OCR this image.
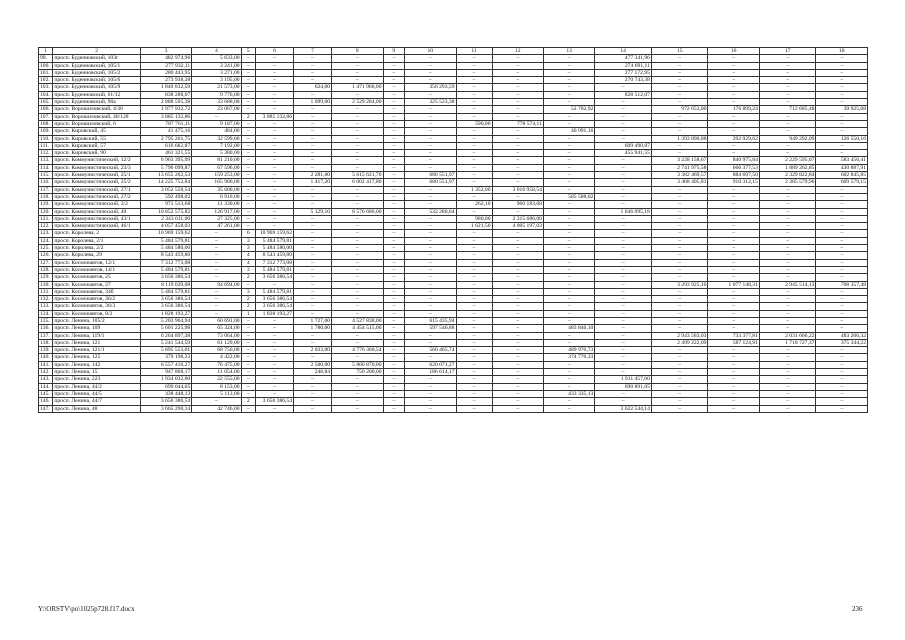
1	2	3	4	5	6	7	8	9	10	11	12	13	14	15	16	17	18
99.	просп. Буденновский, 103г	482 974,96	5 633,00	–	–	–	–	–	–	–	–	–	477 341,96	–	–	–	–
100.	просп. Буденновский, 105/1	277 932,11	3 241,00	–	–	–	–	–	–	–	–	–	274 691,11	–	–	–	–
101.	просп. Буденновский, 105/2	280 443,95	3 271,00	–	–	–	–	–	–	–	–	–	277 172,95	–	–	–	–
102.	просп. Буденновский, 105/6	273 938,38	3 195,00	–	–	–	–	–	–	–	–	–	270 743,38	–	–	–	–
103.	просп. Буденновский, 105/9	1 849 832,59	21 573,00	–	–	624,00	1 471 966,00	–	356 293,59	–	–	–	–	–	–	–	–
104.	просп. Буденновский, 61/12	838 288,07	9 776,00	–	–	–	–	–	–	–	–	–	828 512,07	–	–	–	–
105.	просп. Буденновский, 98а	2 888 595,38	33 688,00	–	–	1 099,00	2 529 284,00	–	325 523,38	–	–	–	–	–	–	–	–
106.	просп. Ворошиловский, 4/36	1 977 932,72	23 067,00	–	–	–	–	–	–	–	–	52 702,92	–	972 653,00	176 899,24	712 685,48	39 925,08
107.	просп. Ворошиловский, 40/128	3 885 132,86	–	2	3 885 132,86	–	–	–	–	–	–	–	–	–	–	–	–
108.	просп. Ворошиловский, 6	787 761,11	9 187,00	–	–	–	–	–	–	590,00	778 574,11	–	–	–	–	–	–
109.	просп. Кировский, 45	41 475,16	484,00	–	–	–	–	–	–	–	–	40 991,16	–	–	–	–	–
110.	просп. Кировский, 55	2 795 261,75	32 599,00	–	–	–	–	–	–	–	–	–	–	1 393 890,88	292 929,62	949 292,09	126 550,16
111.	просп. Кировский, 57	616 682,87	7 192,00	–	–	–	–	–	–	–	–	–	609 490,87	–	–	–	–
112.	просп. Кировский, 90	461 321,55	5 380,00	–	–	–	–	–	–	–	–	–	455 941,55	–	–	–	–
113.	просп. Коммунистический, 12/2	6 963 395,99	81 210,00	–	–	–	–	–	–	–	–	–	–	3 228 158,67	840 975,84	2 229 595,07	583 456,41
114.	просп. Коммунистический, 23/3	5 796 099,87	67 596,00	–	–	–	–	–	–	–	–	–	–	2 741 975,58	666 377,53	1 889 262,85	430 887,91
115.	просп. Коммунистический, 25/1	13 655 262,53	159 253,00	–	–	2 281,00	5 615 621,70	–	680 551,97	–	–	–	–	3 382 469,57	884 697,50	2 329 822,84	602 845,85
116.	просп. Коммунистический, 25/2	14 225 752,84	165 906,00	–	–	1 417,20	6 002 417,80	–	680 551,97	–	–	–	–	3 468 405,81	910 312,15	2 385 579,96	609 579,15
117.	просп. Коммунистический, 27/1	3 052 558,54	35 600,00	–	–	–	–	–	–	1 352,00	3 016 958,54	–	–	–	–	–	–
118.	просп. Коммунистический, 27/2	592 498,02	6 910,00	–	–	–	–	–	–	–	–	585 588,02	–	–	–	–	–
119.	просп. Коммунистический, 3/2	971 513,68	11 330,00	–	–	–	–	–	–	262,10	960 183,68	–	–	–	–	–	–
120.	просп. Коммунистический, 40	10 852 575,82	126 917,00	–	–	5 129,10	8 576 686,00	–	532 280,64	–	–	–	1 646 095,18	–	–	–	–
121.	просп. Коммунистический, 43/1	2 343 011,00	27 325,00	–	–	–	–	–	–	980,00	2 315 686,00	–	–	–	–	–	–
122.	просп. Коммунистический, 46/1	4 057 458,03	47 261,00	–	–	–	–	–	–	1 621,50	4 005 197,03	–	–	–	–	–	–
123.	просп. Королева, 2	10 969 159,62	–	6	10 969 159,62	–	–	–	–	–	–	–	–	–	–	–	–
124.	просп. Королева, 2/1	5 484 579,81	–	3	5 484 579,81	–	–	–	–	–	–	–	–	–	–	–	–
125.	просп. Королева, 2/2	5 484 580,00	–	3	5 484 580,00	–	–	–	–	–	–	–	–	–	–	–	–
126.	просп. Королева, 29	8 543 459,80	–	4	8 543 459,80	–	–	–	–	–	–	–	–	–	–	–	–
127.	просп. Космонавтов, 12/1	7 312 773,08	–	4	7 312 773,08	–	–	–	–	–	–	–	–	–	–	–	–
128.	просп. Космонавтов, 14/1	5 484 579,81	–	3	5 484 579,81	–	–	–	–	–	–	–	–	–	–	–	–
129.	просп. Космонавтов, 25	3 656 386,54	–	2	3 656 386,54	–	–	–	–	–	–	–	–	–	–	–	–
130.	просп. Космонавтов, 27	8 119 639,08	94 694,00	–	–	–	–	–	–	–	–	–	–	3 293 925,16	1 077 148,31	2 945 514,13	708 357,48
131.	просп. Космонавтов, 34б	5 484 579,81	–	3	5 484 579,81	–	–	–	–	–	–	–	–	–	–	–	–
132.	просп. Космонавтов, 36/2	3 656 386,54	–	2	3 656 386,54	–	–	–	–	–	–	–	–	–	–	–	–
133.	просп. Космонавтов, 36/3	3 656 386,54	–	2	3 656 386,54	–	–	–	–	–	–	–	–	–	–	–	–
134.	просп. Космонавтов, 8/2	1 828 193,27	–	1	1 828 193,27	–	–	–	–	–	–	–	–	–	–	–	–
135.	просп. Ленина, 105/2	5 203 964,94	60 691,00	–	–	1 727,00	4 527 838,00	–	615 435,94	–	–	–	–	–	–	–	–
136.	просп. Ленина, 109	5 601 225,98	65 324,00	–	–	1 780,00	4 454 515,00	–	597 540,88	–	–	483 846,10	–	–	–	–	–
137.	просп. Ленина, 119/1	6 264 897,38	73 064,00	–	–	–	–	–	–	–	–	–	–	2 943 583,03	733 377,81	2 031 666,22	483 206,32
138.	просп. Ленина, 121	5 241 544,59	61 129,00	–	–	–	–	–	–	–	–	–	–	2 499 222,09	587 124,91	1 718 727,37	375 344,22
139.	просп. Ленина, 121/1	5 895 553,01	68 756,00	–	–	2 033,00	4 776 360,54	–	560 465,74	–	–	489 970,73	–	–	–	–	–
140.	просп. Ленина, 125	379 198,33	4 422,00	–	–	–	–	–	–	–	–	374 776,33	–	–	–	–	–
141.	просп. Ленина, 142	6 557 416,27	76 475,00	–	–	2 500,00	5 860 870,00	–	620 071,27	–	–	–	–	–	–	–	–
142.	просп. Ленина, 15	947 868,17	11 054,00	–	–	248,84	750 200,00	–	186 614,17	–	–	–	–	–	–	–	–
143.	просп. Ленина, 223	1 934 032,00	22 555,00	–	–	–	–	–	–	–	–	–	1 911 457,00	–	–	–	–
144.	просп. Ленина, 44/2	699 044,05	8 153,00	–	–	–	–	–	–	–	–	–	690 891,05	–	–	–	–
145.	просп. Ленина, 44/5	438 448,13	5 113,00	–	–	–	–	–	–	–	–	433 335,13	–	–	–	–	–
146.	просп. Ленина, 44/7	3 656 386,54	–	2	3 656 386,54	–	–	–	–	–	–	–	–	–	–	–	–
147.	просп. Ленина, 48	3 665 290,14	42 746,00	–	–	–	–	–	–	–	–	–	3 622 544,14	–	–	–	–
Y:\ORSTV\po\1025p728.f17.docx	236
